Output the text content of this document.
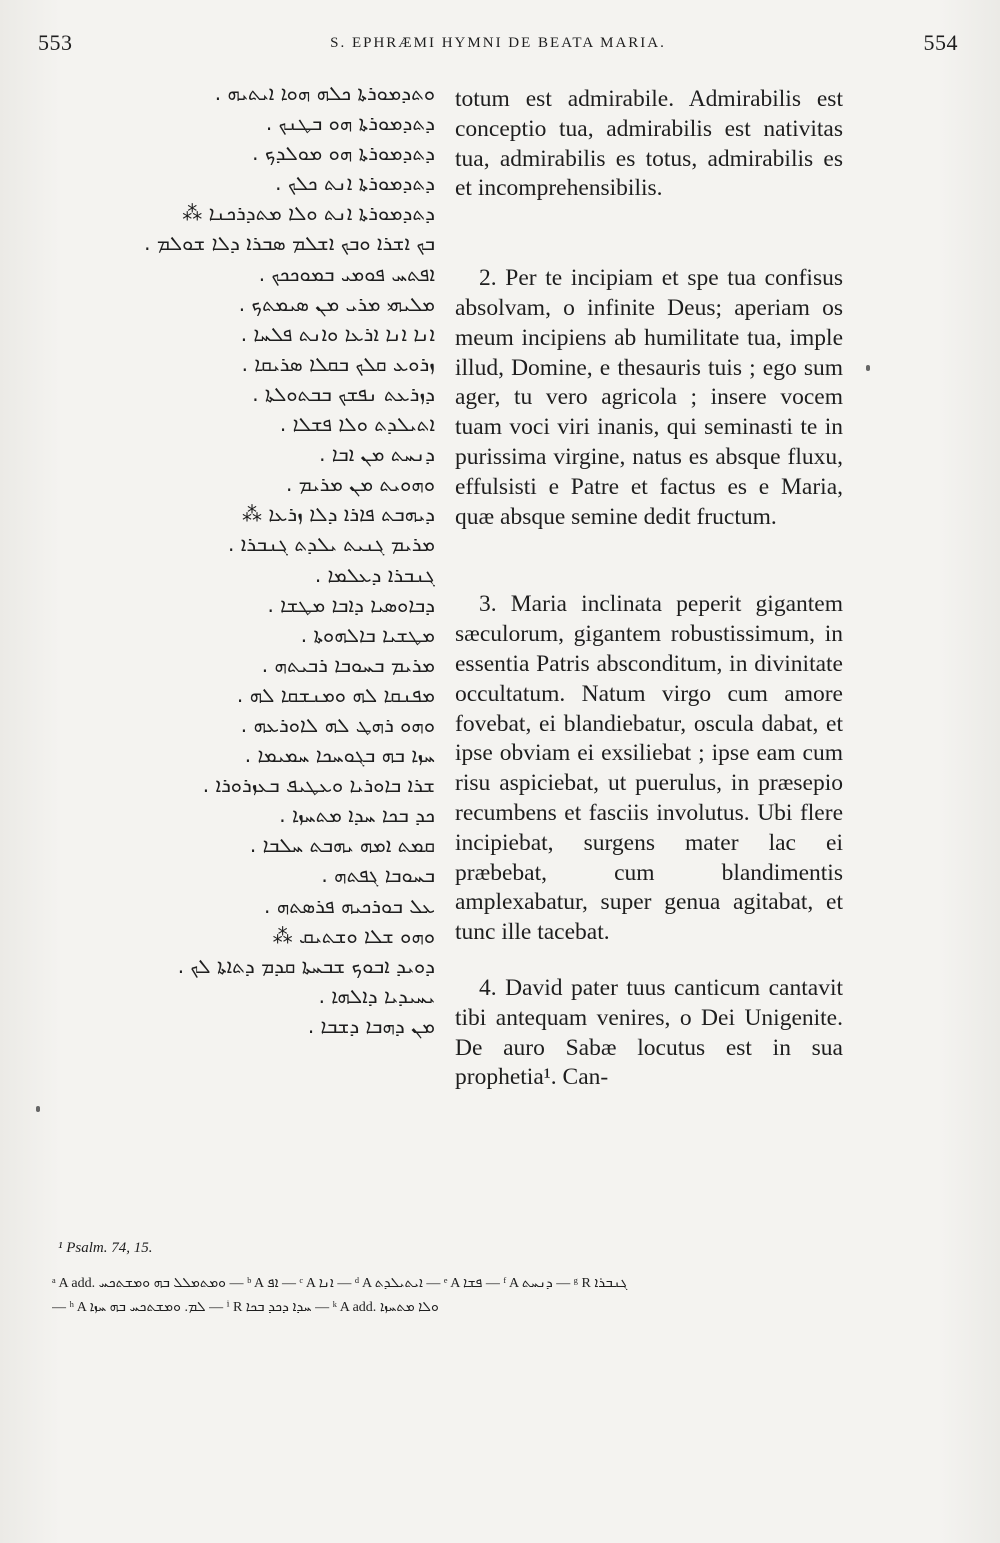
553	S. EPHRÆMI HYMNI DE BEATA MARIA.	554
ܘܬܕܡܘܪܬܐ ܟܠܗ ܗܘܐ ܐܝܬܝܗ .
ܕܬܕܡܘܪܬܐ ܗܘ ܒܛܢܟ .
ܕܬܕܡܘܪܬܐ ܗܘ ܡܘܠܕܟ .
ܕܬܕܡܘܪܬܐ ܐܢܬ ܟܠܟ .
ܕܬܕܡܘܪܬܐ ܐܢܬ ܘܠܐ ܡܬܕܪܟܢܐ ⁂
ܒܟ ܐܫܪܐ ܘܒܟ ܐܫܠܡ ܣܒܪܐ ܕܠܐ ܫܘܠܡ .
ܐܦܬܚ ܦܘܡܝ ܒܡܘܟܟܟ .
ܡܠܝܗܝ ܡܪܝ ܡܢ ܣܝܡܬܟ .
ܐܢܐ ܐܢܐ ܐܪܥܐ ܘܐܢܬ ܦܠܚܐ .
ܙܪܘܥ ܩܠܟ ܒܩܠܐ ܣܪܝܩܐ .
ܕܙܪܥܬ ܢܦܫܟ ܒܒܬܘܠܬܐ .
ܐܬܝܠܕܬ ܘܠܐ ܦܫܠܐ .
ܕܢܚܬ ܡܢ ܐܒܐ .
ܘܗܘܝܬ ܡܢ ܡܪܝܡ .
ܕܝܗܒܬ ܦܐܪܐ ܕܠܐ ܙܪܥܐ ⁂
ܡܪܝܡ ܓܢܝܬ ܝܠܕܬ ܓܢܒܪܐ .
ܓܢܒܪܐ ܕܥܠܡܐ .
ܕܒܐܘܣܝܐ ܕܐܒܐ ܡܛܫܐ .
ܡܛܫܝܐ ܒܐܠܗܘܬܐ .
ܡܪܝܡ ܒܚܘܒܐ ܪܒܝܬܗ .
ܡܦܢܩܐ ܠܗ ܘܡܢܫܩܐ ܠܗ .
ܘܗܘ ܪܗܛ ܠܗ ܠܐܘܪܥܗ .
ܚܙܐ ܒܗ ܒܓܘܚܟܐ ܚܡܝܡܐ .
ܫܪܐ ܒܐܘܪܝܐ ܘܥܛܝܦ ܒܥܙܪܘܪܐ .
ܟܕ ܒܟܐ ܚܕܐ ܡܬܚܙܐ .
ܩܡܬ ܐܡܗ ܝܗܒܬ ܚܠܒܐ .
ܒܚܘܒܐ ܓܦܬܗ .
ܥܠ ܒܘܪܟܝܗ ܦܪܣܬܗ .
ܘܗܘ ܫܠܐ ܘܫܬܝܩ ⁂
ܕܘܝܕ ܐܒܘܟ ܫܒܚܬܐ ܩܕܡ ܕܬܐܬܐ ܠܟ .
ܝܚܝܕܝܐ ܕܐܠܗܐ .
ܡܢ ܕܗܒܐ ܕܫܒܐ .

totum est admirabile. Admirabilis est conceptio tua, admirabilis est nativitas tua, admirabilis es totus, admirabilis es et incomprehensibilis.

2. Per te incipiam et spe tua confisus absolvam, o infinite Deus; aperiam os meum incipiens ab humilitate tua, imple illud, Domine, e thesauris tuis ; ego sum ager, tu vero agricola ; insere vocem tuam voci viri inanis, qui seminasti te in purissima virgine, natus es absque fluxu, effulsisti e Patre et factus es e Maria, quæ absque semine dedit fructum.

3. Maria inclinata peperit gigantem sæculorum, gigantem robustissimum, in essentia Patris absconditum, in divinitate occultatum. Natum virgo cum amore fovebat, ei blandiebatur, oscula dabat, et ipse obviam ei exsiliebat ; ipse eam cum risu aspiciebat, ut puerulus, in præsepio recumbens et fasciis involutus. Ubi flere incipiebat, surgens mater lac ei præbebat, cum blandimentis amplexabatur, super genua agitabat, et tunc ille tacebat.

4. David pater tuus canticum cantavit tibi antequam venires, o Dei Unigenite. De auro Sabæ locutus est in sua prophetia¹. Can-

¹ Psalm. 74, 15.
ᵃ A add. ܘܡܬܡܠܠ ܒܗ ܘܡܫܬܟܚ — ᵇ A ܐܦ — ᶜ A ܐܢܐ — ᵈ A ܐܝܬܝܠܕܬ — ᵉ A ܦܫܐ — ᶠ A ܕܢܚܬ — ᵍ R ܓܢܒܪܐ
— ʰ A ܠܡ. ܘܡܫܬܟܚ ܒܗ ܚܙܐ — ⁱ R ܚܕܐ ܕܟܕ ܒܟܐ — ᵏ A add. ܘܠܐ ܡܬܚܙܐ
